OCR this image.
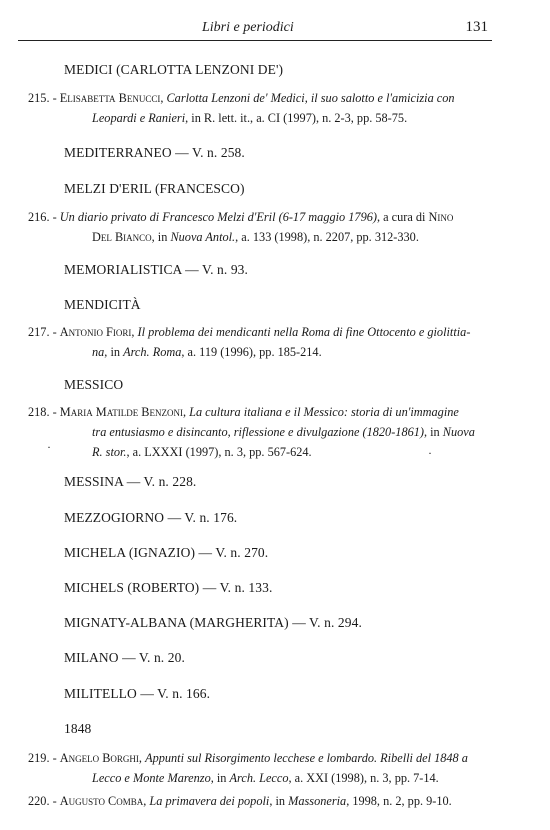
Libri e periodici	131
MEDICI (CARLOTTA LENZONI DE')
215. - Elisabetta Benucci, Carlotta Lenzoni de' Medici, il suo salotto e l'amicizia con
Leopardi e Ranieri, in R. lett. it., a. CI (1997), n. 2-3, pp. 58-75.
MEDITERRANEO — V. n. 258.
MELZI D'ERIL (FRANCESCO)
216. - Un diario privato di Francesco Melzi d'Eril (6-17 maggio 1796), a cura di Nino
Del Bianco, in Nuova Antol., a. 133 (1998), n. 2207, pp. 312-330.
MEMORIALISTICA — V. n. 93.
MENDICITÀ
217. - Antonio Fiori, Il problema dei mendicanti nella Roma di fine Ottocento e giolittia-
na, in Arch. Roma, a. 119 (1996), pp. 185-214.
MESSICO
218. - Maria Matilde Benzoni, La cultura italiana e il Messico: storia di un'immagine
tra entusiasmo e disincanto, riflessione e divulgazione (1820-1861), in Nuova
R. stor., a. LXXXI (1997), n. 3, pp. 567-624.
·	·
MESSINA — V. n. 228.
MEZZOGIORNO — V. n. 176.
MICHELA (IGNAZIO) — V. n. 270.
MICHELS (ROBERTO) — V. n. 133.
MIGNATY-ALBANA (MARGHERITA) — V. n. 294.
MILANO — V. n. 20.
MILITELLO — V. n. 166.
1848
219. - Angelo Borghi, Appunti sul Risorgimento lecchese e lombardo. Ribelli del 1848 a
Lecco e Monte Marenzo, in Arch. Lecco, a. XXI (1998), n. 3, pp. 7-14.
220. - Augusto Comba, La primavera dei popoli, in Massoneria, 1998, n. 2, pp. 9-10.
